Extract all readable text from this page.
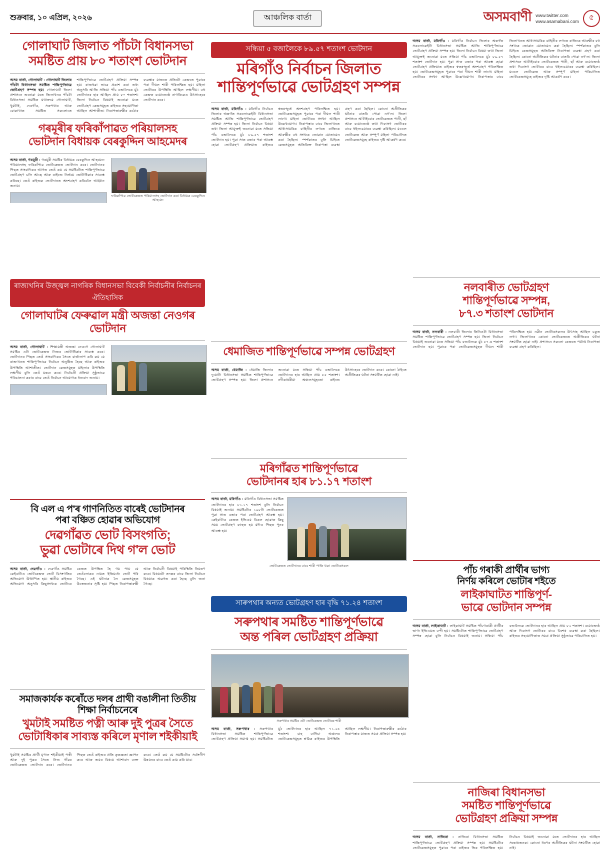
শুক্রবার, ১০ এপ্রিল, ২০২৬	আঞ্চলিক বাৰ্তা	অসমবাণী www.twitter.com
www.asamabani.com	৫
গোলাঘাট জিলাত পাঁচটা বিধানসভা
সমষ্টিত প্ৰায় ৮০ শতাংশ ভোটদান
অসম বাৰ্তা, গোলাঘাট : গোলাঘাট জিলাৰ পাঁচটা বিধানসভা সমষ্টিত শান্তিপূৰ্ণভাৱে ভোটগ্ৰহণ সম্পন্ন হয়। গোলাঘাট জিলা প্ৰশাসনে জনোৱা মতে জিলাখনৰ পাঁচটা বিধানসভা সমষ্টিত যথাক্ৰমে গোলাঘাট, খুমটাই, দেৰগাঁও, সৰুপথাৰ আৰু বোকাখাত সমষ্টিত সকলোতে শান্তিপূৰ্ণভাৱে ভোটগ্ৰহণ প্ৰক্ৰিয়া সম্পন্ন হয়। ৰাজহুৱা ভাৱে প্ৰকাশ কৰা তথ্য অনুসৰি আজি সন্ধিয়া পাঁচ বজালৈকে মুঠ ভোটদানৰ হাৰ আছিল প্ৰায় ৮০ শতাংশ। জিলা নিৰ্বাচন বিষয়াই জনোৱা মতে ভোটগ্ৰহণ কেন্দ্ৰসমূহত ৰাইজৰ সহযোগিতা আছিল আশাতীত। নিৰাপত্তাৰক্ষীৰ কঠোৰ ব্যৱস্থাৰ মাজতে প্ৰতিটো কেন্দ্ৰতে পুৱাৰে পৰা দীঘল শাৰী পৰিলক্ষিত হয়। মহিলা ভোটাৰৰ উপস্থিতি আছিল লক্ষণীয়। বহু কেন্দ্ৰত বয়োজ্যেষ্ঠ নাগৰিকেও উৎসাহেৰে ভোটদান কৰে।
গৰমূৰীৰ ফৰিকাঁপাৱত পৰিয়ালসহ
ভোটদান বিধায়ক বেৰকুদ্দিন আহমেদৰ
অসম বাৰ্তা, গৰমূৰী : গৰমূৰী সমষ্টিৰ বিধায়ক বেৰকুদ্দিন আহমেদে পৰিয়ালসহ ফৰিকাঁপাৱ ভোটকেন্দ্ৰত ভোটদান কৰে। ভোটদানৰ পিছত সাংবাদিকৰ আগত তেওঁ কয় যে সমষ্টিটোত শান্তিপূৰ্ণভাৱে ভোটগ্ৰহণ চলি আছে আৰু ৰাইজে নিৰ্ভয়ে ভোটাধিকাৰ সাব্যস্ত কৰিছে। তেওঁ ৰাইজক ভোটদানত অংশগ্ৰহণ কৰিবলৈ আহ্বান জনায়।
ফৰিকাঁপাৱ ভোটকেন্দ্ৰত পৰিয়ালসহ ভোটদান কৰা বিধায়ক বেৰকুদ্দিন আহমেদ
ৰাজ্যখনিৰ উজ্জ্বল নাগৰিক বিধানসভা বিবেকী নিৰ্বাচনীৰ নিৰ্বাচনৰ ঐতিহাসিক
গোলাঘাটৰ ফেৰুৱাল মন্ত্ৰী অজন্তা নেওগৰ ভোটদান
অসম বাৰ্তা, গোলাঘাট : শিক্ষামন্ত্ৰী অজন্তা নেওগে গোলাঘাট সমষ্টিৰ এটা ভোটকেন্দ্ৰত নিজৰ ভোটাধিকাৰ সাব্যস্ত কৰে। ভোটদানৰ পিছত তেওঁ সাংবাদিকৰ সৈতে বাৰ্তালাপ কৰি কয় যে ৰাজ্যখনত শান্তিপূৰ্ণভাৱে নিৰ্বাচন অনুষ্ঠিত হৈছে আৰু ৰাইজৰ উপস্থিতি আশাতীত। ভোটদান কেন্দ্ৰসমূহত মহিলাৰ উপস্থিতি লক্ষণীয় বুলি তেওঁ মন্তব্য কৰে। নিৰ্বাচনী প্ৰক্ৰিয়া সুষ্ঠুভাৱে পৰিচালনা কৰাৰ বাবে তেওঁ নিৰ্বাচন আয়োগক ধন্যবাদ জনায়।
বি এল এ প'ৰ গাণনিতিত বাৰেই ভোটদানৰ
পৰা বঞ্চিত হোৱাৰ অভিযোগ
দেৱগাঁৱত ভোট বিসংগতি;
ভুৱা ভোটাৰে দিথ গ'ল ভোট
অসম বাৰ্তা, দেৱগাঁও : দেৱগাঁও সমষ্টিৰ কেইবাটাও ভোটকেন্দ্ৰত ভোট বিসংগতিৰ অভিযোগ উত্থাপিত হয়। স্থানীয় ৰাইজৰ অভিযোগ অনুসৰি কিছুসংখ্যক ভোটাৰে কেন্দ্ৰত উপস্থিত হৈ গম পায় যে তেওঁলোকৰ নামত ইতিমধ্যে ভোট পৰি গৈছে। এই ঘটনাক লৈ কেন্দ্ৰসমূহত উত্তেজনাৰ সৃষ্টি হয়। পিছত নিৰাপত্তাৰক্ষী আৰু নিৰ্বাচনী বিষয়াই পৰিস্থিতি নিয়ন্ত্ৰণ কৰে। বিষয়টো তদন্তৰ বাবে জিলা নিৰ্বাচন বিষয়াক অৱগত কৰা হৈছে বুলি জনা গৈছে।
সমাজকাৰ্যক কৰোঁতে দলৰ প্ৰাথী বঙালীনা তিতীয় শিক্ষা নিৰ্বাচনেৰে
খুমটাই সমষ্টিত পত্নী আৰু দুই পুত্ৰৰ সৈতে
ভোটাধিকাৰ সাব্যস্ত কৰিলে মৃণাল শইকীয়াই
খুমটাই সমষ্টিৰ প্ৰাৰ্থী মৃণাল শইকীয়াই পত্নী আৰু দুই পুত্ৰৰ সৈতে নিজ গাঁৱৰ ভোটকেন্দ্ৰত ভোটদান কৰে। ভোটদানৰ পিছত তেওঁ ৰাইজৰ প্ৰতি কৃতজ্ঞতা জ্ঞাপন কৰে আৰু জয়ৰ বিষয়ে আশাবাদ ব্যক্ত কৰে। তেওঁ কয় যে সমষ্টিটোৰ সৰ্বাংগীণ উন্নয়নৰ বাবে তেওঁ কাম কৰি যাব।
সন্ধিয়া ৫ বজালৈকে ৮৯.৫৭ শতাংশ ভোটদান
মৰিগাঁও নিৰ্বাচন জিলাত
শান্তিপূৰ্ণভাৱে ভোটগ্ৰহণ সম্পন্ন
অসম বাৰ্তা, মৰিগাঁও : মৰিগাঁও নিৰ্বাচন জিলাৰ অন্তৰ্গত সকলোকেইটা বিধানসভা সমষ্টিত আজি শান্তিপূৰ্ণভাৱে ভোটগ্ৰহণ প্ৰক্ৰিয়া সম্পন্ন হয়। জিলা নিৰ্বাচন বিষয়া তথা জিলা আয়ুক্তই জনোৱা মতে সন্ধিয়া পাঁচ বজালৈকে মুঠ ৮৯.৫৭ শতাংশ ভোটদান হয়। পুৱা সাত বজাৰ পৰা আৰম্ভ হোৱা ভোটগ্ৰহণ প্ৰক্ৰিয়াত ৰাইজৰ স্বতঃস্ফূৰ্ত অংশগ্ৰহণ পৰিলক্ষিত হয়। ভোটকেন্দ্ৰসমূহত পুৱাৰে পৰা দীঘল শাৰী লাগে। মহিলা ভোটাৰৰ সংখ্যা আছিল উল্লেখযোগ্য। নিৰাপত্তাৰ বাবে জিলাখনত আধাসামৰিক বাহিনীৰ লগতে ৰাজ্যিক আৰক্ষীৰ বহু সংখ্যক জোৱান মোতায়েন কৰা হৈছিল। স্পৰ্শকাতৰ বুলি চিহ্নিত কেন্দ্ৰসমূহত অতিৰিক্ত নিৰাপত্তা ব্যৱস্থা গ্ৰহণ কৰা হৈছিল। কোনো অপ্ৰীতিকৰ ঘটনাৰ বাতৰি পোৱা নগ'ল। জিলা প্ৰশাসনে আটাইবোৰ ভোটকেন্দ্ৰত পানী, ছাঁ আৰু বয়োজ্যেষ্ঠ তথা দিব্যাংগ ভোটাৰৰ বাবে হুইলচেয়াৰৰ ব্যৱস্থা কৰিছিল। মডেল ভোটকেন্দ্ৰ আৰু সম্পূৰ্ণ মহিলা পৰিচালিত ভোটকেন্দ্ৰসমূহে ৰাইজৰ দৃষ্টি আকৰ্ষণ কৰে।
ধেমাজিত শান্তিপূৰ্ণভাৱে সম্পন্ন ভোটগ্ৰহণ
অসম বাৰ্তা, ধেমাজি : ধেমাজি জিলাৰ দুয়োটা বিধানসভা সমষ্টিত শান্তিপূৰ্ণভাৱে ভোটগ্ৰহণ সম্পন্ন হয়। জিলা প্ৰশাসনে জনোৱা মতে সন্ধিয়া পাঁচ বজালৈকে ভোটদানৰ হাৰ আছিল প্ৰায় ৮৫ শতাংশ। নদীকাষৰীয়া অঞ্চলসমূহতো ৰাইজে উৎসাহেৰে ভোটদান কৰে। কোনো ঠাইতে অপ্ৰীতিকৰ ঘটনা সংঘটিত হোৱা নাই।
মৰিগাঁৱত শান্তিপূৰ্ণভাৱে
ভোটদানৰ হাৰ ৮১.১৭ শতাংশ
অসম বাৰ্তা, মৰিগাঁও : মৰিগাঁও বিধানসভা সমষ্টিত ভোটদানৰ হাৰ ৮১.১৭ শতাংশ বুলি নিৰ্বাচন বিষয়াই জনায়। সমষ্টিটোৰ ১৯৮টা ভোটকেন্দ্ৰত পুৱা সাত বজাৰ পৰা ভোটগ্ৰহণ আৰম্ভ হয়। কেইবাটাও কেন্দ্ৰত ইভিএম বিকল হোৱাত কিছু সময় ভোটগ্ৰহণ ব্যাহত হয় যদিও পিছত পুনৰ আৰম্ভ হয়।
ভোটকেন্দ্ৰত ভোটদানৰ বাবে শাৰী পাতি থকা ভোটাৰসকল
সাৰুপথাৰ অন্যত ভোটগ্ৰহণ হাৰ বৃদ্ধি ৭১.২৪ শতাংশ
সৰুপথাৰ সমষ্টিত শান্তিপূৰ্ণভাৱে
অন্ত পৰিল ভোটগ্ৰহণ প্ৰক্ৰিয়া
সৰুপথাৰ সমষ্টিৰ এটা ভোটকেন্দ্ৰত ভোটাৰৰ শাৰী
অসম বাৰ্তা, সৰুপথাৰ : সৰুপথাৰ বিধানসভা সমষ্টিত শান্তিপূৰ্ণভাৱে ভোটগ্ৰহণ প্ৰক্ৰিয়া সমাপ্ত হয়। সমষ্টিটোত মুঠ ভোটদানৰ হাৰ আছিল ৭১.২৪ শতাংশ। চাহ বাগিচা অঞ্চলৰ ভোটকেন্দ্ৰসমূহত শ্ৰমিক ৰাইজৰ উপস্থিতি আছিল লক্ষণীয়। নিৰাপত্তাৰক্ষীৰ কঠোৰ নিৰাপত্তাৰ মাজত সমগ্ৰ প্ৰক্ৰিয়া সম্পন্ন হয়।
অসম বাৰ্তা, মৰিগাঁও : মৰিগাঁও নিৰ্বাচন জিলাৰ অন্তৰ্গত সকলোকেইটা বিধানসভা সমষ্টিত আজি শান্তিপূৰ্ণভাৱে ভোটগ্ৰহণ প্ৰক্ৰিয়া সম্পন্ন হয়। জিলা নিৰ্বাচন বিষয়া তথা জিলা আয়ুক্তই জনোৱা মতে সন্ধিয়া পাঁচ বজালৈকে মুঠ ৮৯.৫৭ শতাংশ ভোটদান হয়। পুৱা সাত বজাৰ পৰা আৰম্ভ হোৱা ভোটগ্ৰহণ প্ৰক্ৰিয়াত ৰাইজৰ স্বতঃস্ফূৰ্ত অংশগ্ৰহণ পৰিলক্ষিত হয়। ভোটকেন্দ্ৰসমূহত পুৱাৰে পৰা দীঘল শাৰী লাগে। মহিলা ভোটাৰৰ সংখ্যা আছিল উল্লেখযোগ্য। নিৰাপত্তাৰ বাবে জিলাখনত আধাসামৰিক বাহিনীৰ লগতে ৰাজ্যিক আৰক্ষীৰ বহু সংখ্যক জোৱান মোতায়েন কৰা হৈছিল। স্পৰ্শকাতৰ বুলি চিহ্নিত কেন্দ্ৰসমূহত অতিৰিক্ত নিৰাপত্তা ব্যৱস্থা গ্ৰহণ কৰা হৈছিল। কোনো অপ্ৰীতিকৰ ঘটনাৰ বাতৰি পোৱা নগ'ল। জিলা প্ৰশাসনে আটাইবোৰ ভোটকেন্দ্ৰত পানী, ছাঁ আৰু বয়োজ্যেষ্ঠ তথা দিব্যাংগ ভোটাৰৰ বাবে হুইলচেয়াৰৰ ব্যৱস্থা কৰিছিল। মডেল ভোটকেন্দ্ৰ আৰু সম্পূৰ্ণ মহিলা পৰিচালিত ভোটকেন্দ্ৰসমূহে ৰাইজৰ দৃষ্টি আকৰ্ষণ কৰে।
নলবাৰীত ভোটগ্ৰহণ
শান্তিপূৰ্ণভাৱে সম্পন্ন,
৮৭.৩ শতাংশ ভোটদান
অসম বাৰ্তা, নলবাৰী : নলবাৰী জিলাৰ তিনিওটা বিধানসভা সমষ্টিত শান্তিপূৰ্ণভাৱে ভোটগ্ৰহণ সম্পন্ন হয়। জিলা নিৰ্বাচন বিষয়াই জনোৱা মতে সন্ধিয়া পাঁচ বজালৈকে মুঠ ৮৭.৩ শতাংশ ভোটদান হয়। পুৱাৰে পৰা ভোটকেন্দ্ৰসমূহত দীঘল শাৰী পৰিলক্ষিত হয়। নৱীন ভোটাৰসকলৰ উৎসাহ আছিল চকুত লগা। জিলাখনৰ কোনো ভোটকেন্দ্ৰতে অপ্ৰীতিকৰ ঘটনা সংঘটিত হোৱা নাই। প্ৰশাসনে সকলো কেন্দ্ৰতে পৰ্যাপ্ত নিৰাপত্তা ব্যৱস্থা গ্ৰহণ কৰিছিল।
পাঁচ গৰাকী প্ৰাৰ্থীৰ ভাগ্য
নিৰ্ণয় কৰিলে ভোটাৰ শইতে
লাইকাঘাটত শান্তিপূৰ্ণ-
ভাৱে ভোটদান সম্পন্ন
অসম বাৰ্তা, লাইকাঘাট : লাইকাঘাট সমষ্টিত পাঁচগৰাকী প্ৰাৰ্থীৰ ভাগ্য ইভিএমত বন্দী হয়। সমষ্টিটোত শান্তিপূৰ্ণভাৱে ভোটগ্ৰহণ সম্পন্ন হোৱা বুলি নিৰ্বাচন বিষয়াই জনায়। সন্ধিয়া পাঁচ বজালৈকে ভোটদানৰ হাৰ আছিল প্ৰায় ৮২ শতাংশ। বয়োজ্যেষ্ঠ আৰু দিব্যাংগ ভোটাৰৰ বাবে বিশেষ ব্যৱস্থা কৰা হৈছিল। ৰাইজৰ সহযোগিতাত সমগ্ৰ প্ৰক্ৰিয়া সুষ্ঠুভাৱে পৰিচালিত হয়।
নাজিৰা বিধানসভা
সমষ্টিত শান্তিপূৰ্ণভাৱে
ভোটগ্ৰহণ প্ৰক্ৰিয়া সম্পন্ন
অসম বাৰ্তা, নাজিৰা : নাজিৰা বিধানসভা সমষ্টিত শান্তিপূৰ্ণভাৱে ভোটগ্ৰহণ প্ৰক্ৰিয়া সম্পন্ন হয়। সমষ্টিটোৰ ভোটকেন্দ্ৰসমূহত পুৱাৰে পৰা ৰাইজৰ ভিৰ পৰিলক্ষিত হয়। নিৰ্বাচন বিষয়াই জনোৱা মতে ভোটদানৰ হাৰ আছিল সন্তোষজনক। কোনো ধৰণৰ অপ্ৰীতিকৰ ঘটনা সংঘটিত হোৱা নাই।
